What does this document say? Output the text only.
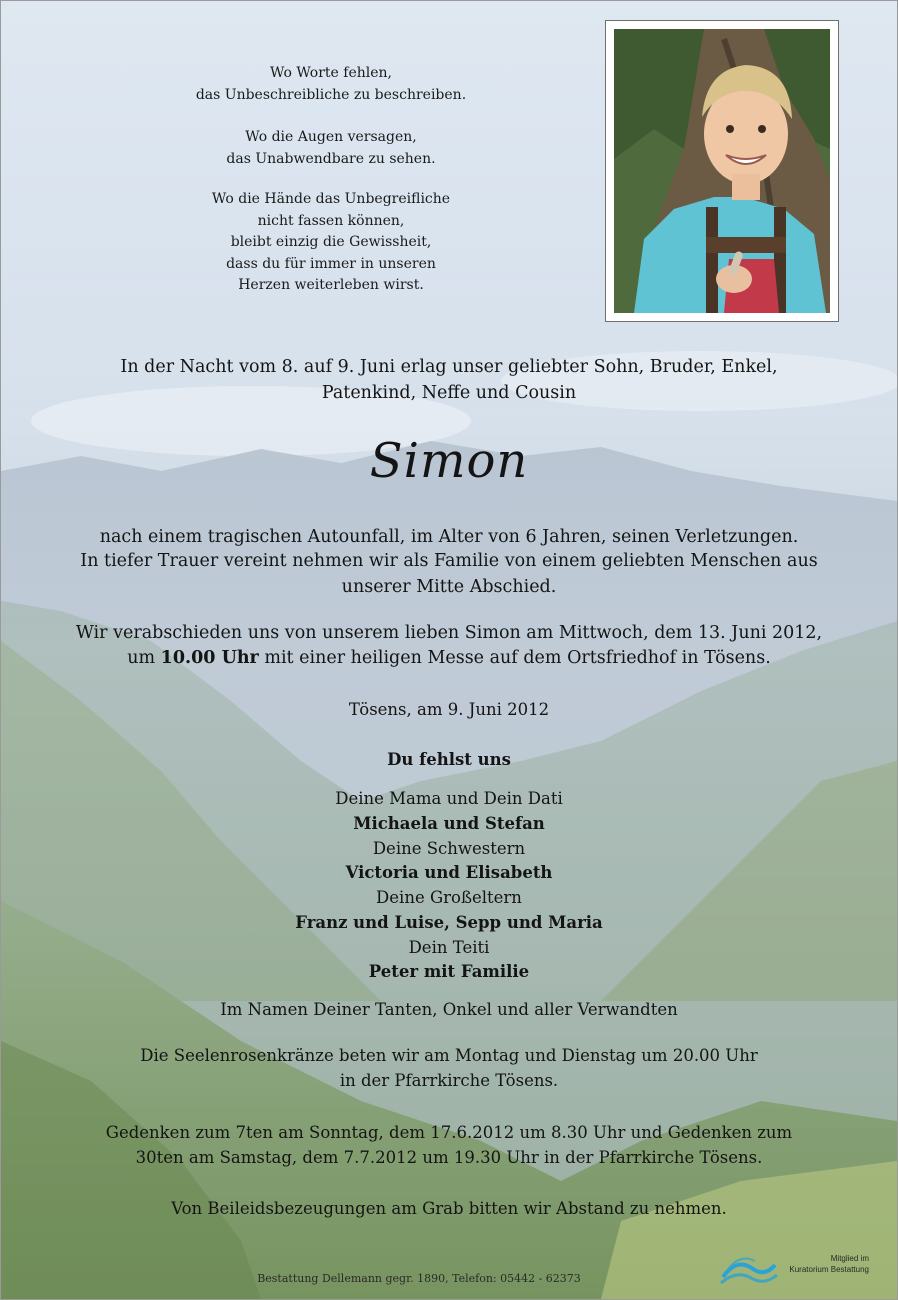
Wo Worte fehlen,

das Unbeschreibliche zu beschreiben.

Wo die Augen versagen,

das Unabwendbare zu sehen.

Wo die Hände das Unbegreifliche

nicht fassen können,

bleibt einzig die Gewissheit,

dass du für immer in unseren

Herzen weiterleben wirst.

In der Nacht vom 8. auf 9. Juni erlag unser geliebter Sohn, Bruder, Enkel,
Patenkind, Neffe und Cousin
Simon
nach einem tragischen Autounfall, im Alter von 6 Jahren, seinen Verletzungen.
In tiefer Trauer vereint nehmen wir als Familie von einem geliebten Menschen aus
unserer Mitte Abschied.
Wir verabschieden uns von unserem lieben Simon am Mittwoch, dem 13. Juni 2012,
um 10.00 Uhr mit einer heiligen Messe auf dem Ortsfriedhof in Tösens.
Tösens, am 9. Juni 2012
Du fehlst uns
Deine Mama und Dein Dati
Michaela und Stefan
Deine Schwestern
Victoria und Elisabeth
Deine Großeltern
Franz und Luise, Sepp und Maria
Dein Teiti
Peter mit Familie
Im Namen Deiner Tanten, Onkel und aller Verwandten
Die Seelenrosenkränze beten wir am Montag und Dienstag um 20.00 Uhr
in der Pfarrkirche Tösens.
Gedenken zum 7ten am Sonntag, dem 17.6.2012 um 8.30 Uhr und Gedenken zum
30ten am Samstag, dem 7.7.2012 um 19.30 Uhr in der Pfarrkirche Tösens.
Von Beileidsbezeugungen am Grab bitten wir Abstand zu nehmen.
Bestattung Dellemann gegr. 1890, Telefon: 05442 - 62373
Mitglied im
Kuratorium Bestattung
